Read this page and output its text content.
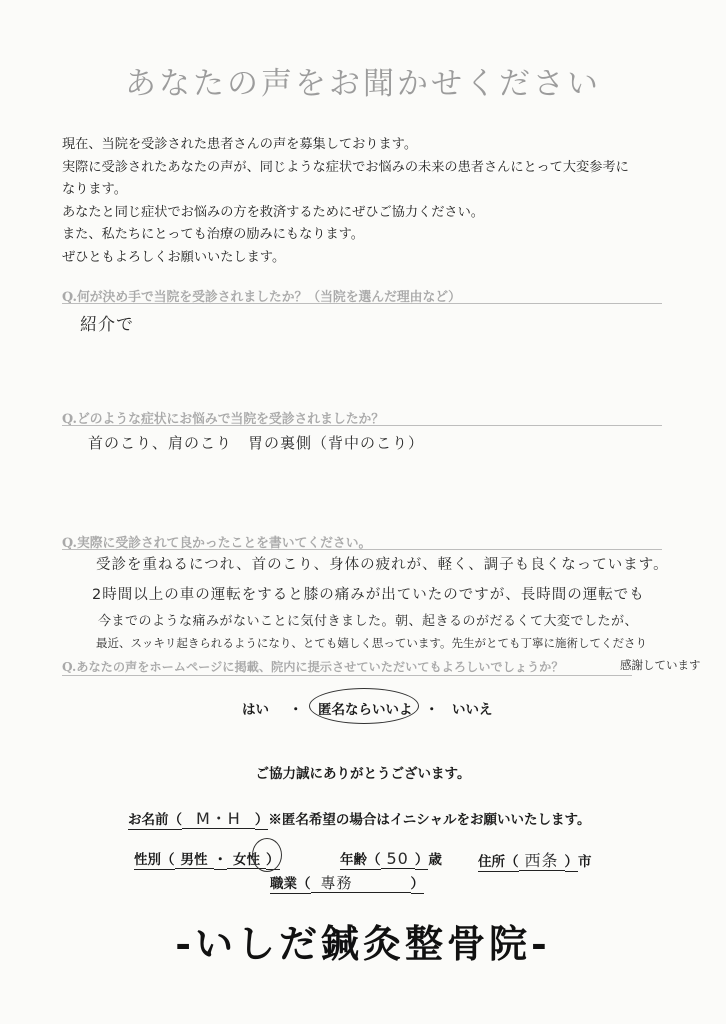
あなたの声をお聞かせください
現在、当院を受診された患者さんの声を募集しております。
実際に受診されたあなたの声が、同じような症状でお悩みの未来の患者さんにとって大変参考に
なります。
あなたと同じ症状でお悩みの方を救済するためにぜひご協力ください。
また、私たちにとっても治療の励みにもなります。
ぜひともよろしくお願いいたします。
Q.何が決め手で当院を受診されましたか？（当院を選んだ理由など）
紹介で
Q.どのような症状にお悩みで当院を受診されましたか？
首のこり、肩のこり　胃の裏側（背中のこり）
Q.実際に受診されて良かったことを書いてください。
受診を重ねるにつれ、首のこり、身体の疲れが、軽く、調子も良くなっています。
2時間以上の車の運転をすると膝の痛みが出ていたのですが、長時間の運転でも
今までのような痛みがないことに気付きました。朝、起きるのがだるくて大変でしたが、
最近、スッキリ起きられるようになり、とても嬉しく思っています。先生がとても丁寧に施術してくださり
Q.あなたの声をホームページに掲載、院内に提示させていただいてもよろしいでしょうか？	感謝しています
はい ・ 匿名ならいいよ ・ いいえ
ご協力誠にありがとうございます。
お名前（ M・H ）※匿名希望の場合はイニシャルをお願いいたします。
性別（ 男性 ・ 女性 ）	年齢（ 50 ）歳	住所（ 西条 ）市
職業（ 專務	）
-いしだ鍼灸整骨院-
